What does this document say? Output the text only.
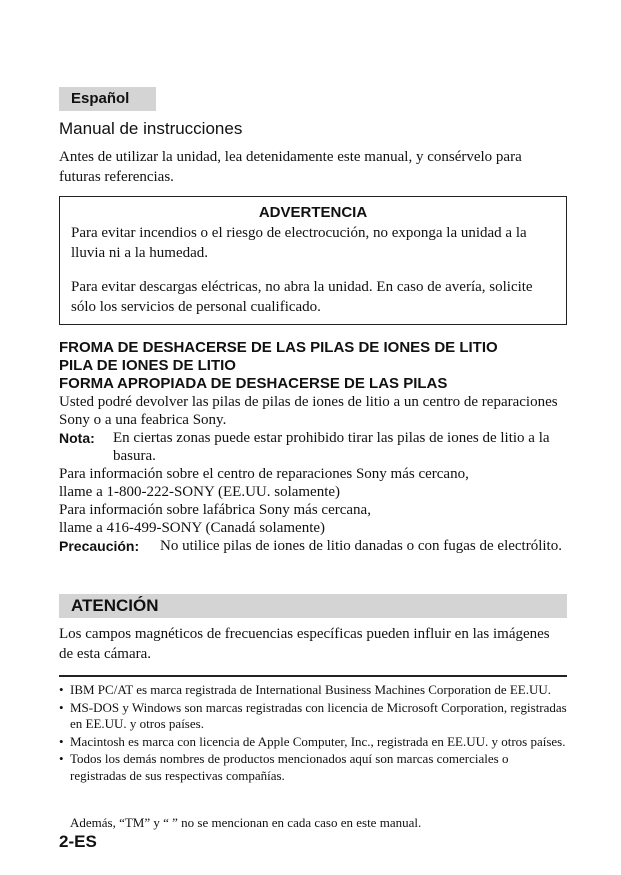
Español
Manual de instrucciones
Antes de utilizar la unidad, lea detenidamente este manual, y consérvelo para futuras referencias.
ADVERTENCIA

Para evitar incendios o el riesgo de electrocución, no exponga la unidad a la lluvia ni a la humedad.

Para evitar descargas eléctricas, no abra la unidad. En caso de avería, solicite sólo los servicios de personal cualificado.

FROMA DE DESHACERSE DE LAS PILAS DE IONES DE LITIO
PILA DE IONES DE LITIO
FORMA APROPIADA DE DESHACERSE DE LAS PILAS
Usted podré devolver las pilas de pilas de iones de litio a un centro de reparaciones Sony o a una feabrica Sony.
Nota:	En ciertas zonas puede estar prohibido tirar las pilas de iones de litio a la basura.
Para información sobre el centro de reparaciones Sony más cercano,
llame a 1-800-222-SONY (EE.UU. solamente)
Para información sobre lafábrica Sony más cercana,
llame a 416-499-SONY (Canadá solamente)
Precaución:	No utilice pilas de iones de litio danadas o con fugas de electrólito.
ATENCIÓN
Los campos magnéticos de frecuencias específicas pueden influir en las imágenes de esta cámara.
• IBM PC/AT es marca registrada de International Business Machines Corporation de EE.UU.
• MS-DOS y Windows son marcas registradas con licencia de Microsoft Corporation, registradas en EE.UU. y otros países.
• Macintosh es marca con licencia de Apple Computer, Inc., registrada en EE.UU. y otros países.
• Todos los demás nombres de productos mencionados aquí son marcas comerciales o registradas de sus respectivas compañías.
Además, “TM” y “ ” no se mencionan en cada caso en este manual.
2-ES
